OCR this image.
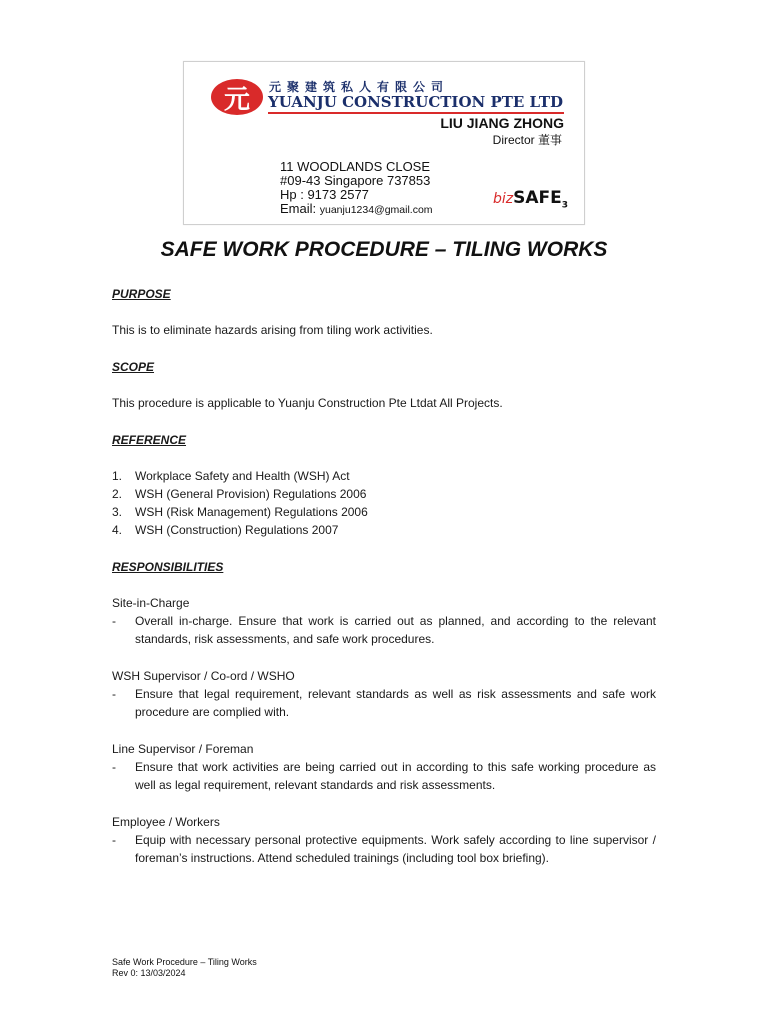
元 元聚建筑私人有限公司
YUANJU CONSTRUCTION PTE LTD
LIU JIANG ZHONG
Director 董事
11 WOODLANDS CLOSE
#09-43 Singapore 737853
Hp : 9173 2577
Email: yuanju1234@gmail.com
bizSAFE$_3$
SAFE WORK PROCEDURE – TILING WORKS

PURPOSE

This is to eliminate hazards arising from tiling work activities.

SCOPE

This procedure is applicable to Yuanju Construction Pte Ltdat All Projects.

REFERENCE

1.	Workplace Safety and Health (WSH) Act
2.	WSH (General Provision) Regulations 2006
3.	WSH (Risk Management) Regulations 2006
4.	WSH (Construction) Regulations 2007

RESPONSIBILITIES

Site-in-Charge

-	Overall in-charge. Ensure that work is carried out as planned, and according to the relevant standards, risk assessments, and safe work procedures.

WSH Supervisor / Co-ord / WSHO

-	Ensure that legal requirement, relevant standards as well as risk assessments and safe work procedure are complied with.

Line Supervisor / Foreman

-	Ensure that work activities are being carried out in according to this safe working procedure as well as legal requirement, relevant standards and risk assessments.

Employee / Workers

-	Equip with necessary personal protective equipments. Work safely according to line supervisor / foreman’s instructions. Attend scheduled trainings (including tool box briefing).
Safe Work Procedure – Tiling Works
Rev 0: 13/03/2024
